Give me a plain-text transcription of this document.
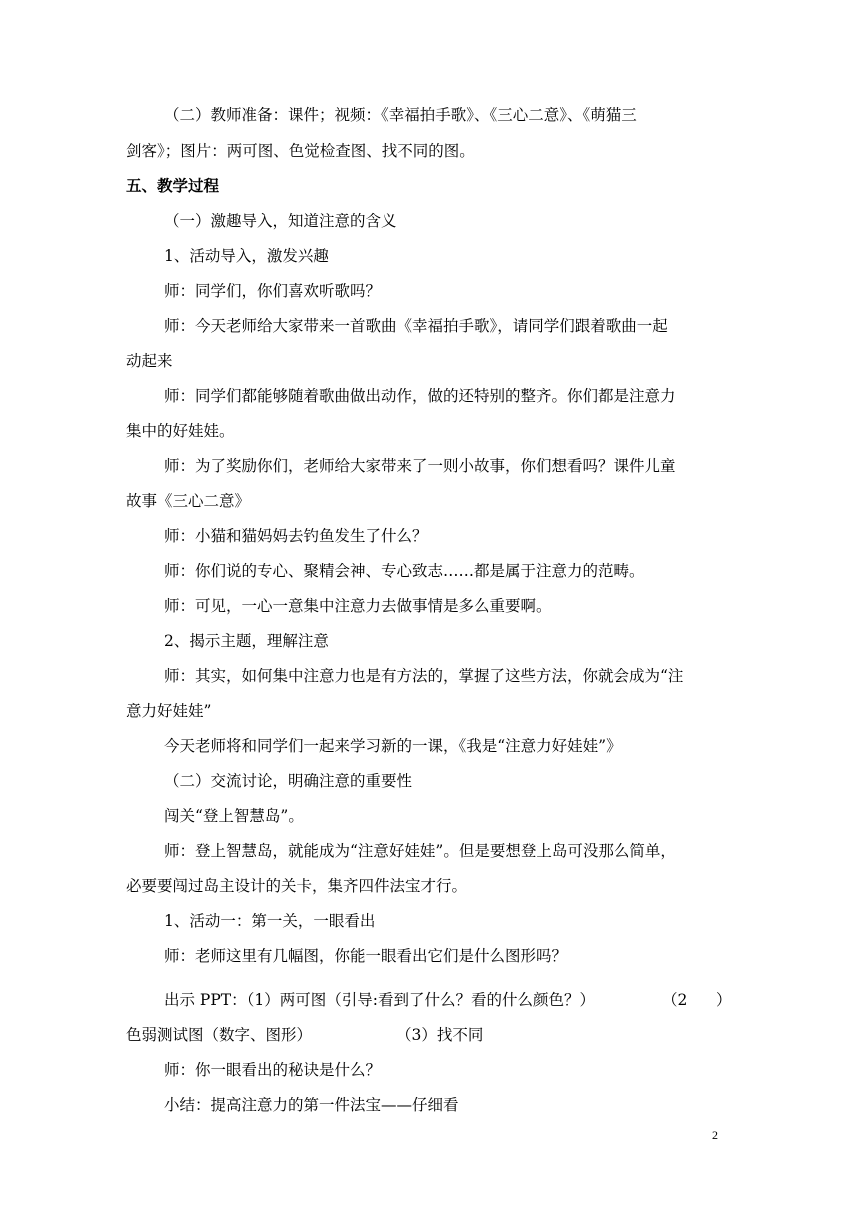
（二）教师准备：课件；视频：《幸福拍手歌》、《三心二意》、《萌猫三
剑客》；图片：两可图、色觉检查图、找不同的图。
五、教学过程
（一）激趣导入，知道注意的含义
1、活动导入，激发兴趣
师：同学们，你们喜欢听歌吗？
师：今天老师给大家带来一首歌曲《幸福拍手歌》，请同学们跟着歌曲一起
动起来
师：同学们都能够随着歌曲做出动作，做的还特别的整齐。你们都是注意力
集中的好娃娃。
师：为了奖励你们，老师给大家带来了一则小故事，你们想看吗？课件儿童
故事《三心二意》
师：小猫和猫妈妈去钓鱼发生了什么？
师：你们说的专心、聚精会神、专心致志……都是属于注意力的范畴。
师：可见，一心一意集中注意力去做事情是多么重要啊。
2、揭示主题，理解注意
师：其实，如何集中注意力也是有方法的，掌握了这些方法，你就会成为“注
意力好娃娃”
今天老师将和同学们一起来学习新的一课，《我是“注意力好娃娃”》
（二）交流讨论，明确注意的重要性
闯关“登上智慧岛”。
师：登上智慧岛，就能成为“注意好娃娃”。但是要想登上岛可没那么简单，
必要要闯过岛主设计的关卡，集齐四件法宝才行。
1、活动一：第一关，一眼看出
师：老师这里有几幅图，你能一眼看出它们是什么图形吗？
出示 PPT：（1）两可图（引导:看到了什么？看的什么颜色？）	（2 ）
色弱测试图（数字、图形）	（3）找不同
师：你一眼看出的秘诀是什么？
小结：提高注意力的第一件法宝——仔细看
2
